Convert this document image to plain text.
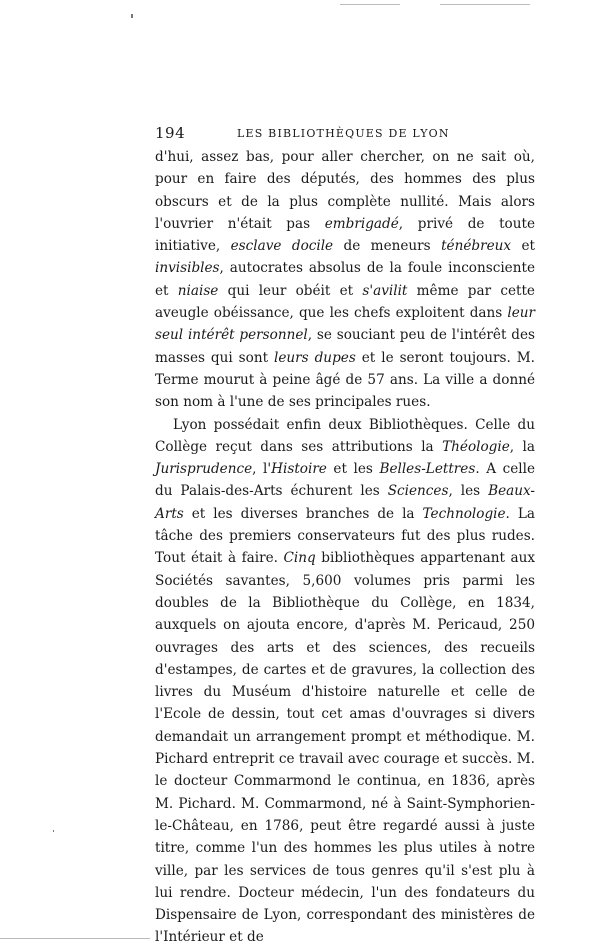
194	LES BIBLIOTHÈQUES DE LYON

d'hui, assez bas, pour aller chercher, on ne sait où, pour en faire des députés, des hommes des plus obscurs et de la plus complète nullité. Mais alors l'ouvrier n'était pas embrigadé, privé de toute initiative, esclave docile de meneurs ténébreux et invisibles, autocrates absolus de la foule inconsciente et niaise qui leur obéit et s'avilit même par cette aveugle obéissance, que les chefs exploitent dans leur seul intérêt personnel, se souciant peu de l'intérêt des masses qui sont leurs dupes et le seront toujours. M. Terme mourut à peine âgé de 57 ans. La ville a donné son nom à l'une de ses principales rues.

Lyon possédait enfin deux Bibliothèques. Celle du Collège reçut dans ses attributions la Théologie, la Jurisprudence, l'Histoire et les Belles-Lettres. A celle du Palais-des-Arts échurent les Sciences, les Beaux-Arts et les diverses branches de la Technologie. La tâche des premiers conservateurs fut des plus rudes. Tout était à faire. Cinq bibliothèques appartenant aux Sociétés savantes, 5,600 volumes pris parmi les doubles de la Bibliothèque du Collège, en 1834, auxquels on ajouta encore, d'après M. Pericaud, 250 ouvrages des arts et des sciences, des recueils d'estampes, de cartes et de gravures, la collection des livres du Muséum d'histoire naturelle et celle de l'Ecole de dessin, tout cet amas d'ouvrages si divers demandait un arrangement prompt et méthodique. M. Pichard entreprit ce travail avec courage et succès. M. le docteur Commarmond le continua, en 1836, après M. Pichard. M. Commarmond, né à Saint-Symphorien-le-Château, en 1786, peut être regardé aussi à juste titre, comme l'un des hommes les plus utiles à notre ville, par les services de tous genres qu'il s'est plu à lui rendre. Docteur médecin, l'un des fondateurs du Dispensaire de Lyon, correspondant des ministères de l'Intérieur et de
